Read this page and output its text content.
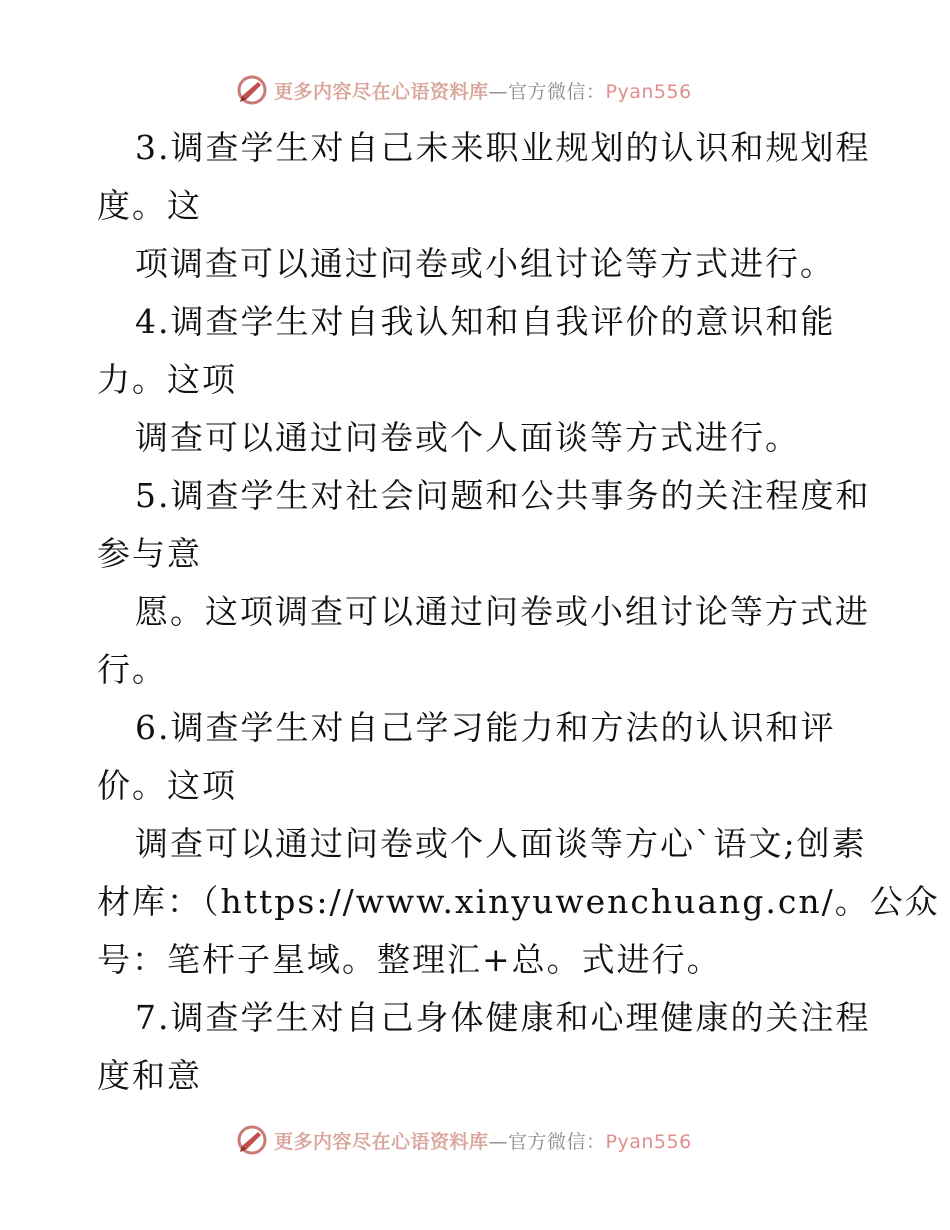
更多内容尽在心语资料库—官方微信：Pyan556
3.调查学生对自己未来职业规划的认识和规划程
度。这
项调查可以通过问卷或小组讨论等方式进行。
4.调查学生对自我认知和自我评价的意识和能
力。这项
调查可以通过问卷或个人面谈等方式进行。
5.调查学生对社会问题和公共事务的关注程度和
参与意
愿。这项调查可以通过问卷或小组讨论等方式进
行。
6.调查学生对自己学习能力和方法的认识和评
价。这项
调查可以通过问卷或个人面谈等方心`语文;创素
材库：（https://www.xinyuwenchuang.cn/。公众
号：笔杆子星域。整理汇+总。式进行。
7.调查学生对自己身体健康和心理健康的关注程
度和意
更多内容尽在心语资料库—官方微信：Pyan556
